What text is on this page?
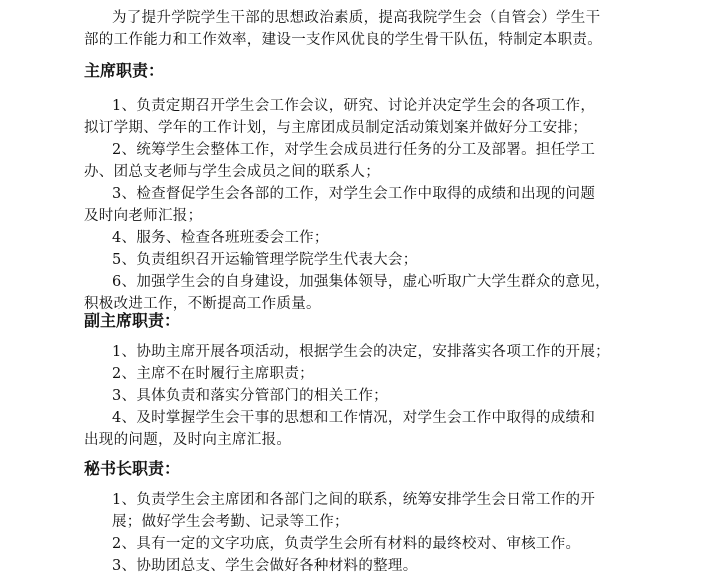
为了提升学院学生干部的思想政治素质，提高我院学生会（自管会）学生干
部的工作能力和工作效率，建设一支作风优良的学生骨干队伍，特制定本职责。
主席职责：
1、负责定期召开学生会工作会议，研究、讨论并决定学生会的各项工作，
拟订学期、学年的工作计划，与主席团成员制定活动策划案并做好分工安排；
2、统筹学生会整体工作，对学生会成员进行任务的分工及部署。担任学工
办、团总支老师与学生会成员之间的联系人；
3、检查督促学生会各部的工作，对学生会工作中取得的成绩和出现的问题
及时向老师汇报；
4、服务、检查各班班委会工作；
5、负责组织召开运输管理学院学生代表大会；
6、加强学生会的自身建设，加强集体领导，虚心听取广大学生群众的意见，
积极改进工作，不断提高工作质量。
副主席职责：
1、协助主席开展各项活动，根据学生会的决定，安排落实各项工作的开展；
2、主席不在时履行主席职责；
3、具体负责和落实分管部门的相关工作；
4、及时掌握学生会干事的思想和工作情况，对学生会工作中取得的成绩和
出现的问题，及时向主席汇报。
秘书长职责：
1、负责学生会主席团和各部门之间的联系，统筹安排学生会日常工作的开
展；做好学生会考勤、记录等工作；
2、具有一定的文字功底，负责学生会所有材料的最终校对、审核工作。
3、协助团总支、学生会做好各种材料的整理。
